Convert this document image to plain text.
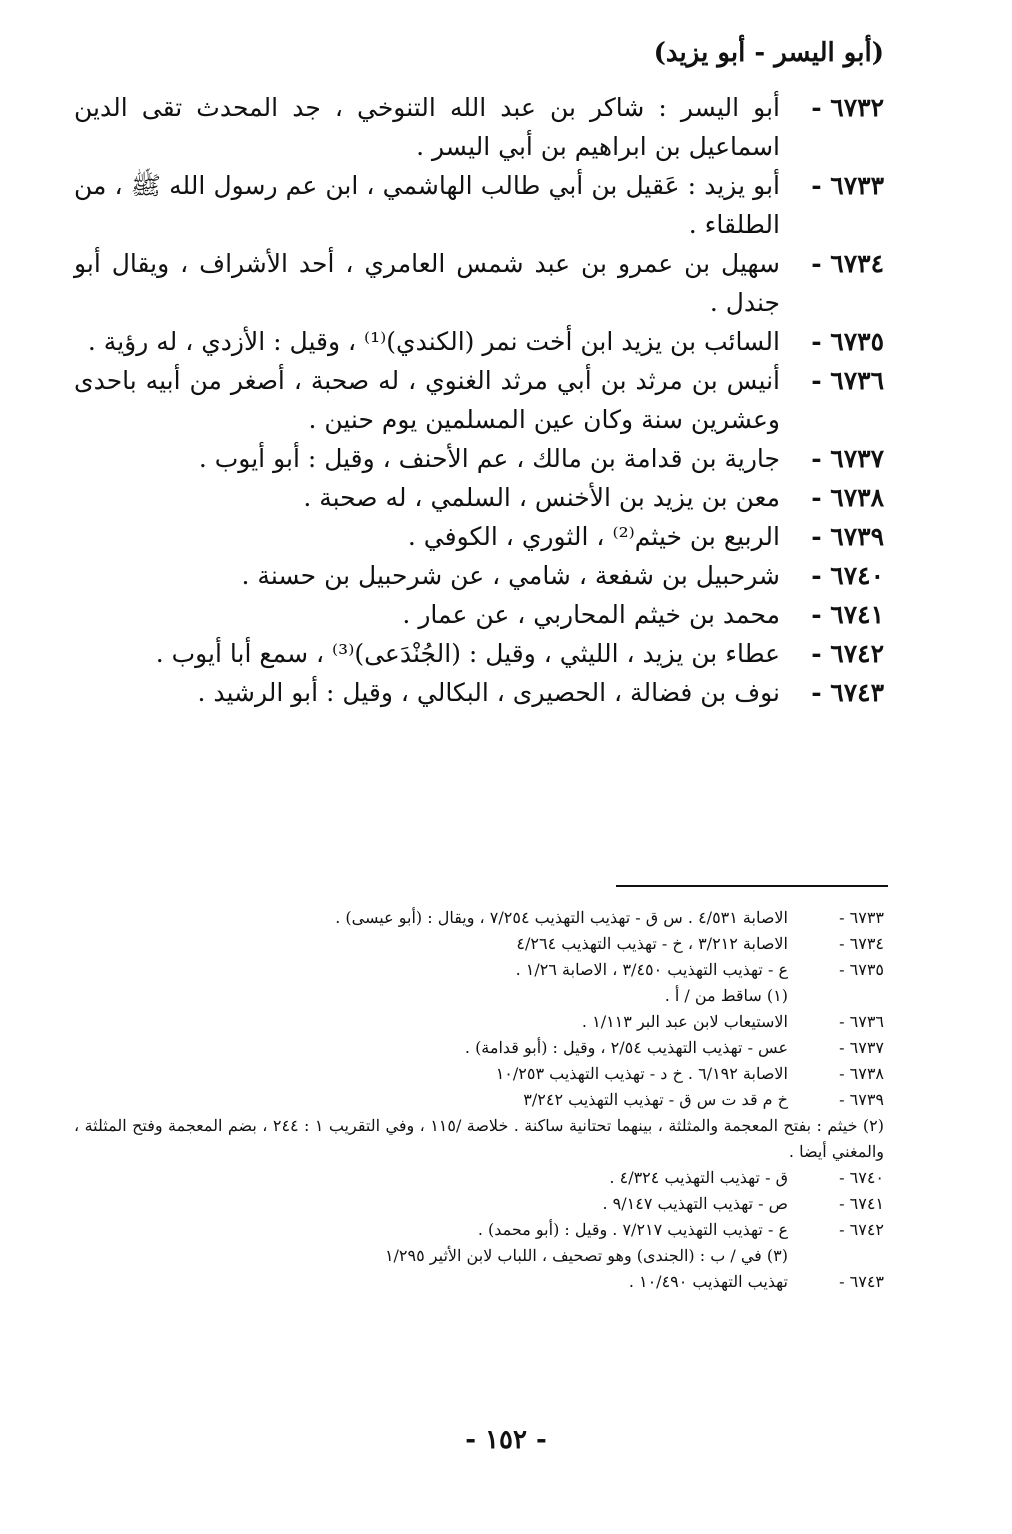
(أبو اليسر - أبو يزيد)
٦٧٣٢ -
أبو اليسر : شاكر بن عبد الله التنوخي ، جد المحدث تقى الدين اسماعيل بن ابراهيم بن أبي اليسر .
٦٧٣٣ -
أبو يزيد : عَقيل بن أبي طالب الهاشمي ، ابن عم رسول الله ﷺ ، من الطلقاء .
٦٧٣٤ -
سهيل بن عمرو بن عبد شمس العامري ، أحد الأشراف ، ويقال أبو جندل .
٦٧٣٥ -
السائب بن يزيد ابن أخت نمر (الكندي)⁽¹⁾ ، وقيل : الأزدي ، له رؤية .
٦٧٣٦ -
أنيس بن مرثد بن أبي مرثد الغنوي ، له صحبة ، أصغر من أبيه باحدى وعشرين سنة وكان عين المسلمين يوم حنين .
٦٧٣٧ -
جارية بن قدامة بن مالك ، عم الأحنف ، وقيل : أبو أيوب .
٦٧٣٨ -
معن بن يزيد بن الأخنس ، السلمي ، له صحبة .
٦٧٣٩ -
الربيع بن خيثم⁽²⁾ ، الثوري ، الكوفي .
٦٧٤٠ -
شرحبيل بن شفعة ، شامي ، عن شرحبيل بن حسنة .
٦٧٤١ -
محمد بن خيثم المحاربي ، عن عمار .
٦٧٤٢ -
عطاء بن يزيد ، الليثي ، وقيل : (الجُنْدَعى)⁽³⁾ ، سمع أبا أيوب .
٦٧٤٣ -
نوف بن فضالة ، الحصيرى ، البكالي ، وقيل : أبو الرشيد .
٦٧٣٣ -
الاصابة ٤/٥٣١ . س ق - تهذيب التهذيب ٧/٢٥٤ ، ويقال : (أبو عيسى) .
٦٧٣٤ -
الاصابة ٣/٢١٢ ، خ - تهذيب التهذيب ٤/٢٦٤
٦٧٣٥ -
ع - تهذيب التهذيب ٣/٤٥٠ ، الاصابة ١/٢٦ .
(١) ساقط من / أ .
٦٧٣٦ -
الاستيعاب لابن عبد البر ١/١١٣ .
٦٧٣٧ -
عس - تهذيب التهذيب ٢/٥٤ ، وقيل : (أبو قدامة) .
٦٧٣٨ -
الاصابة ٦/١٩٢ . خ د - تهذيب التهذيب ١٠/٢٥٣
٦٧٣٩ -
خ م قد ت س ق - تهذيب التهذيب ٣/٢٤٢
(٢) خيثم : بفتح المعجمة والمثلثة ، بينهما تحتانية ساكنة . خلاصة /١١٥ ، وفي التقريب ١ : ٢٤٤ ، بضم المعجمة وفتح المثلثة ، والمغني أيضا .
٦٧٤٠ -
ق - تهذيب التهذيب ٤/٣٢٤ .
٦٧٤١ -
ص - تهذيب التهذيب ٩/١٤٧ .
٦٧٤٢ -
ع - تهذيب التهذيب ٧/٢١٧ . وقيل : (أبو محمد) .
(٣) في / ب : (الجندى) وهو تصحيف ، اللباب لابن الأثير ١/٢٩٥
٦٧٤٣ -
تهذيب التهذيب ١٠/٤٩٠ .
- ١٥٢ -
